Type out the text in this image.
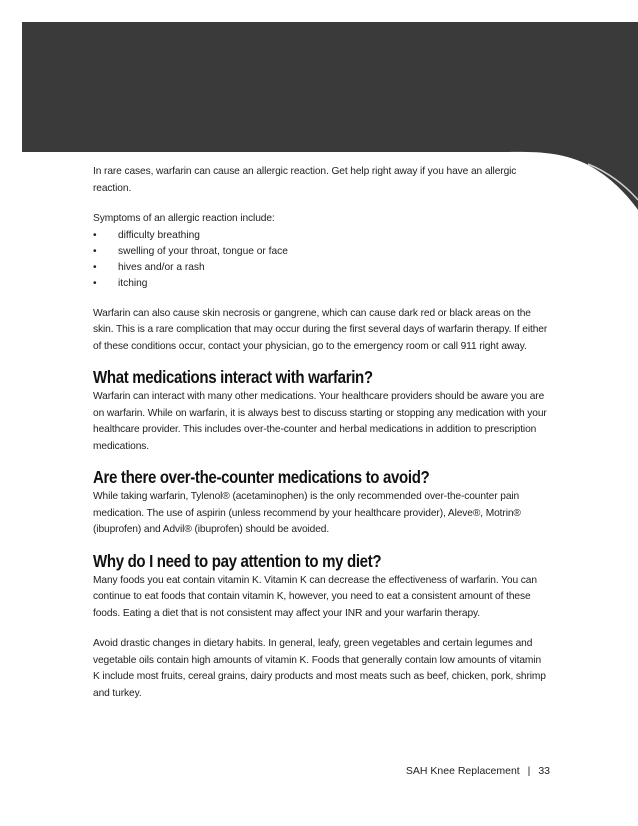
In rare cases, warfarin can cause an allergic reaction. Get help right away if you have an allergic reaction.

Symptoms of an allergic reaction include:

• difficulty breathing
• swelling of your throat, tongue or face
• hives and/or a rash
• itching

Warfarin can also cause skin necrosis or gangrene, which can cause dark red or black areas on the skin. This is a rare complication that may occur during the first several days of warfarin therapy. If either of these conditions occur, contact your physician, go to the emergency room or call 911 right away.

What medications interact with warfarin?

Warfarin can interact with many other medications. Your healthcare providers should be aware you are on warfarin. While on warfarin, it is always best to discuss starting or stopping any medication with your healthcare provider. This includes over-the-counter and herbal medications in addition to prescription medications.

Are there over-the-counter medications to avoid?

While taking warfarin, Tylenol® (acetaminophen) is the only recommended over-the-counter pain medication. The use of aspirin (unless recommend by your healthcare provider), Aleve®, Motrin® (ibuprofen) and Advil® (ibuprofen) should be avoided.

Why do I need to pay attention to my diet?

Many foods you eat contain vitamin K. Vitamin K can decrease the effectiveness of warfarin. You can continue to eat foods that contain vitamin K, however, you need to eat a consistent amount of these foods. Eating a diet that is not consistent may affect your INR and your warfarin therapy.

Avoid drastic changes in dietary habits. In general, leafy, green vegetables and certain legumes and vegetable oils contain high amounts of vitamin K. Foods that generally contain low amounts of vitamin K include most fruits, cereal grains, dairy products and most meats such as beef, chicken, pork, shrimp and turkey.

SAH Knee Replacement | 33
